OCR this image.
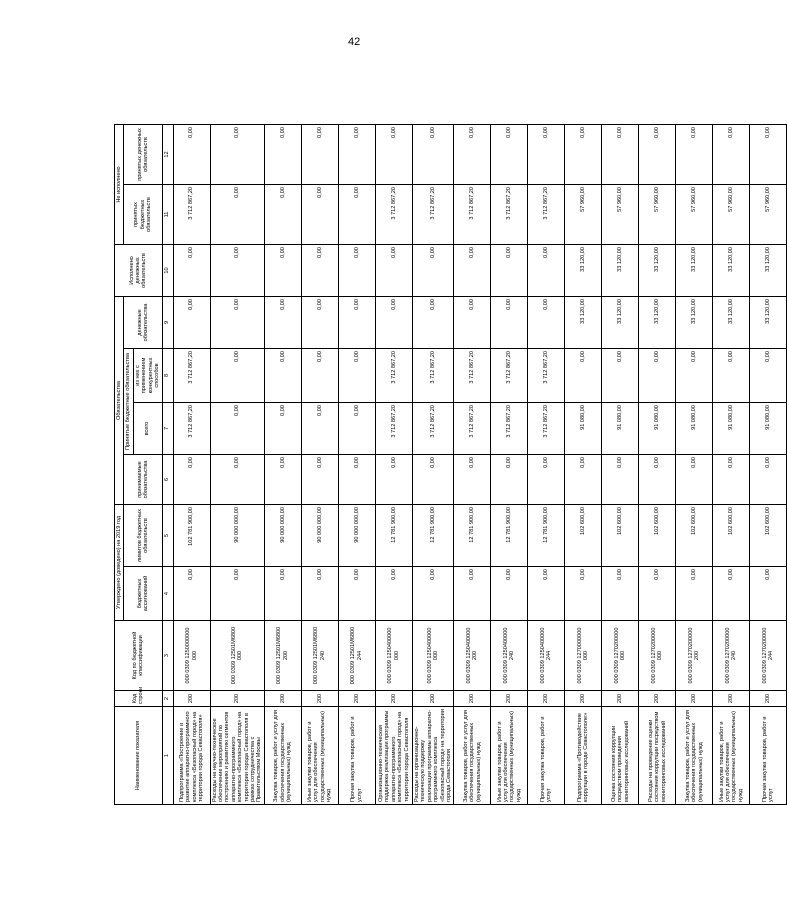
42
Наименование показателя	Код строки	Код по бюджетной классификации	Утверждено (доведено) на 2019 год		Обязательства				Исполнено денежных обязательств	Не исполнено	
			бюджетных ассигнований	лимитов бюджетных обязательств	принимаемые обязательства	Принятые бюджетные обязательства		денежные обязательства		принятых бюджетных обязательств	принятых денежных обязательств
						всего	из них с применением конкурентных способов				
1	2	3	4	5	6	7	8	9	10	11	12
Подпрограмма «Построение и развитие аппаратно-программного комплекса «Безопасный город» на территории города Севастополя»	200	000 0309 1250000000 000	0,00	102 781 900,00	0,00	3 712 867,20	3 712 867,20	0,00	0,00	3 712 867,20	0,00
Расходы на научно-техническое обеспечение мероприятий по построению и развитию сегментов аппаратно-программного комплекса «Безопасный город» на территории города Севастополя в рамках сотрудничества с Правительством Москвы	200	000 0309 12501M6800 000	0,00	90 000 000,00	0,00	0,00	0,00	0,00	0,00	0,00	0,00
Закупка товаров, работ и услуг для обеспечения государственных (муниципальных) нужд	200	000 0309 12501M6800 200	0,00	90 000 000,00	0,00	0,00	0,00	0,00	0,00	0,00	0,00
Иные закупки товаров, работ и услуг для обеспечения государственных (муниципальных) нужд	200	000 0309 12501M6800 240	0,00	90 000 000,00	0,00	0,00	0,00	0,00	0,00	0,00	0,00
Прочая закупка товаров, работ и услуг	200	000 0309 12501M6800 244	0,00	90 000 000,00	0,00	0,00	0,00	0,00	0,00	0,00	0,00
Организационно-техническая поддержка реализации программы аппаратно-программного комплекса «Безопасный город» на территории города Севастополя	200	000 0309 1250400000 000	0,00	12 781 900,00	0,00	3 712 867,20	3 712 867,20	0,00	0,00	3 712 867,20	0,00
Расходы на организационно-техническую поддержку реализации программы аппаратно-программного комплекса «Безопасный город» на территории города Севастополя	200	000 0309 1250400000 000	0,00	12 781 900,00	0,00	3 712 867,20	3 712 867,20	0,00	0,00	3 712 867,20	0,00
Закупка товаров, работ и услуг для обеспечения государственных (муниципальных) нужд	200	000 0309 1250400000 200	0,00	12 781 900,00	0,00	3 712 867,20	3 712 867,20	0,00	0,00	3 712 867,20	0,00
Иные закупки товаров, работ и услуг для обеспечения государственных (муниципальных) нужд	200	000 0309 1250400000 240	0,00	12 781 900,00	0,00	3 712 867,20	3 712 867,20	0,00	0,00	3 712 867,20	0,00
Прочая закупка товаров, работ и услуг	200	000 0309 1250400000 244	0,00	12 781 900,00	0,00	3 712 867,20	3 712 867,20	0,00	0,00	3 712 867,20	0,00
Подпрограмма «Противодействие коррупции в городе Севастополе»	200	000 0309 1270000000 000	0,00	102 600,00	0,00	91 080,00	0,00	33 120,00	33 120,00	57 960,00	0,00
Оценка состояния коррупции посредством проведения мониторинговых исследований	200	000 0309 1270200000 000	0,00	102 600,00	0,00	91 080,00	0,00	33 120,00	33 120,00	57 960,00	0,00
Расходы на проведение оценки состояния коррупции посредством мониторинговых исследований	200	000 0309 1270200000 000	0,00	102 600,00	0,00	91 080,00	0,00	33 120,00	33 120,00	57 960,00	0,00
Закупка товаров, работ и услуг для обеспечения государственных (муниципальных) нужд	200	000 0309 1270200000 200	0,00	102 600,00	0,00	91 080,00	0,00	33 120,00	33 120,00	57 960,00	0,00
Иные закупки товаров, работ и услуг для обеспечения государственных (муниципальных) нужд	200	000 0309 1270200000 240	0,00	102 600,00	0,00	91 080,00	0,00	33 120,00	33 120,00	57 960,00	0,00
Прочая закупка товаров, работ и услуг	200	000 0309 1270200000 244	0,00	102 600,00	0,00	91 080,00	0,00	33 120,00	33 120,00	57 960,00	0,00
